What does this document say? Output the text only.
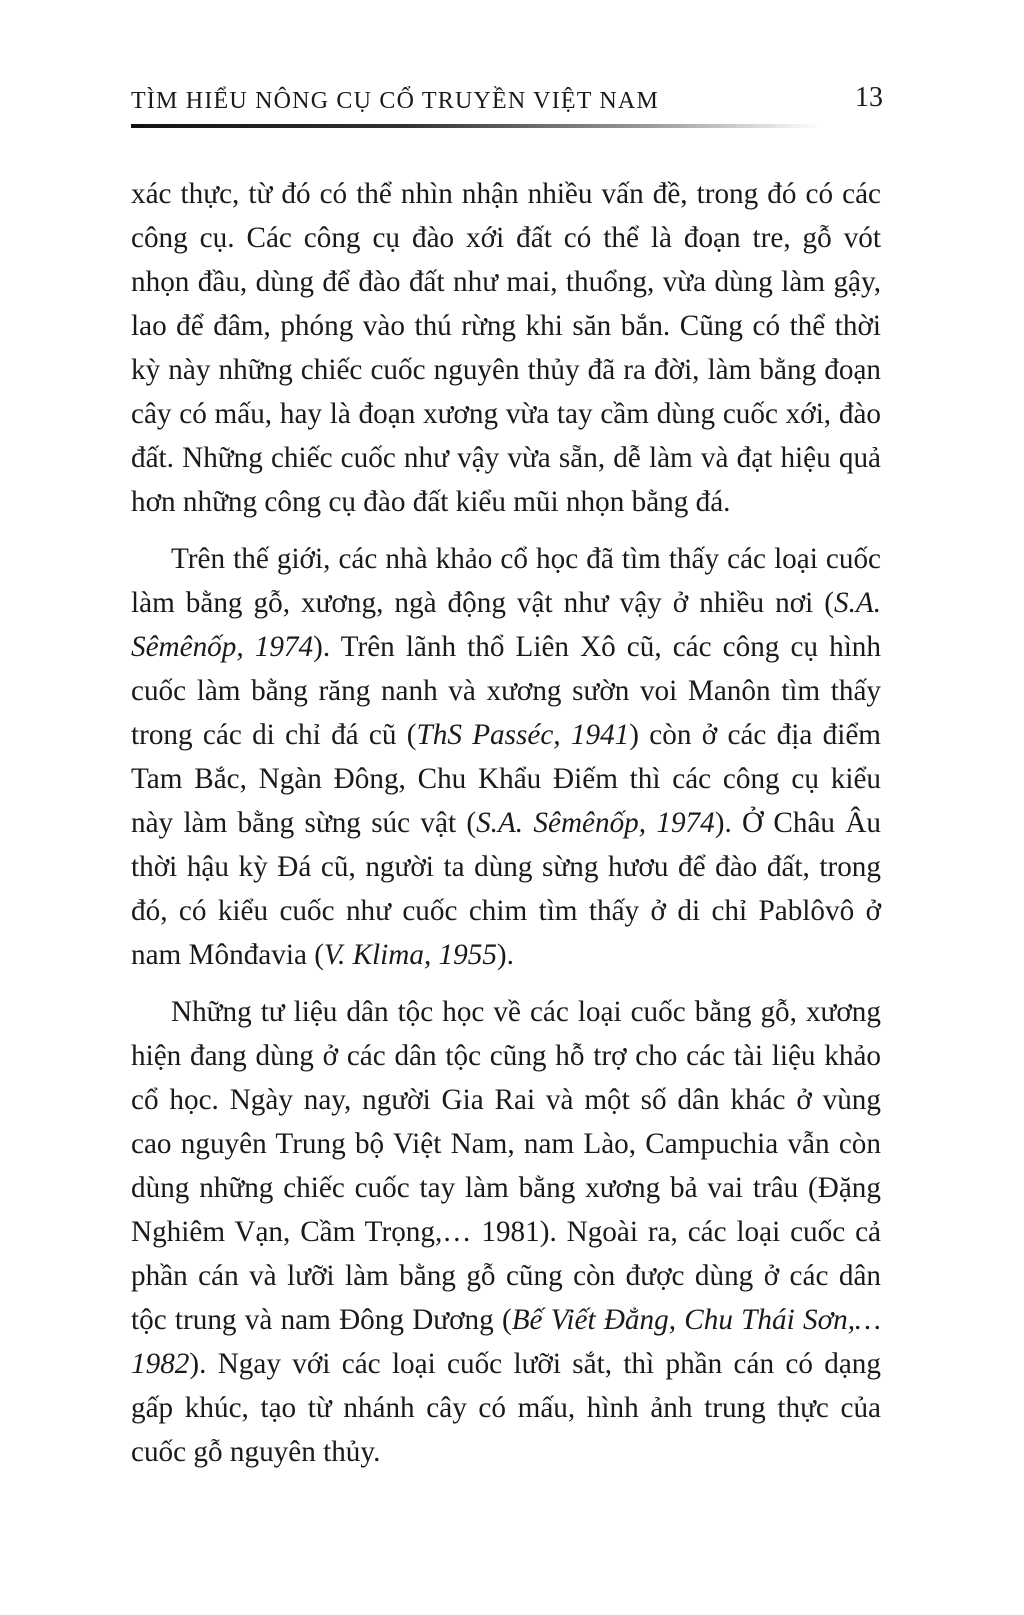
TÌM HIỂU NÔNG CỤ CỔ TRUYỀN VIỆT NAM	13

xác thực, từ đó có thể nhìn nhận nhiều vấn đề, trong đó có các công cụ. Các công cụ đào xới đất có thể là đoạn tre, gỗ vót nhọn đầu, dùng để đào đất như mai, thuổng, vừa dùng làm gậy, lao để đâm, phóng vào thú rừng khi săn bắn. Cũng có thể thời kỳ này những chiếc cuốc nguyên thủy đã ra đời, làm bằng đoạn cây có mấu, hay là đoạn xương vừa tay cầm dùng cuốc xới, đào đất. Những chiếc cuốc như vậy vừa sẵn, dễ làm và đạt hiệu quả hơn những công cụ đào đất kiểu mũi nhọn bằng đá.

Trên thế giới, các nhà khảo cổ học đã tìm thấy các loại cuốc làm bằng gỗ, xương, ngà động vật như vậy ở nhiều nơi (S.A. Sêmênốp, 1974). Trên lãnh thổ Liên Xô cũ, các công cụ hình cuốc làm bằng răng nanh và xương sườn voi Manôn tìm thấy trong các di chỉ đá cũ (ThS Passéc, 1941) còn ở các địa điểm Tam Bắc, Ngàn Đông, Chu Khẩu Điếm thì các công cụ kiểu này làm bằng sừng súc vật (S.A. Sêmênốp, 1974). Ở Châu Âu thời hậu kỳ Đá cũ, người ta dùng sừng hươu để đào đất, trong đó, có kiểu cuốc như cuốc chim tìm thấy ở di chỉ Pablôvô ở nam Mônđavia (V. Klima, 1955).

Những tư liệu dân tộc học về các loại cuốc bằng gỗ, xương hiện đang dùng ở các dân tộc cũng hỗ trợ cho các tài liệu khảo cổ học. Ngày nay, người Gia Rai và một số dân khác ở vùng cao nguyên Trung bộ Việt Nam, nam Lào, Campuchia vẫn còn dùng những chiếc cuốc tay làm bằng xương bả vai trâu (Đặng Nghiêm Vạn, Cầm Trọng,… 1981). Ngoài ra, các loại cuốc cả phần cán và lưỡi làm bằng gỗ cũng còn được dùng ở các dân tộc trung và nam Đông Dương (Bế Viết Đẳng, Chu Thái Sơn,… 1982). Ngay với các loại cuốc lưỡi sắt, thì phần cán có dạng gấp khúc, tạo từ nhánh cây có mấu, hình ảnh trung thực của cuốc gỗ nguyên thủy.
